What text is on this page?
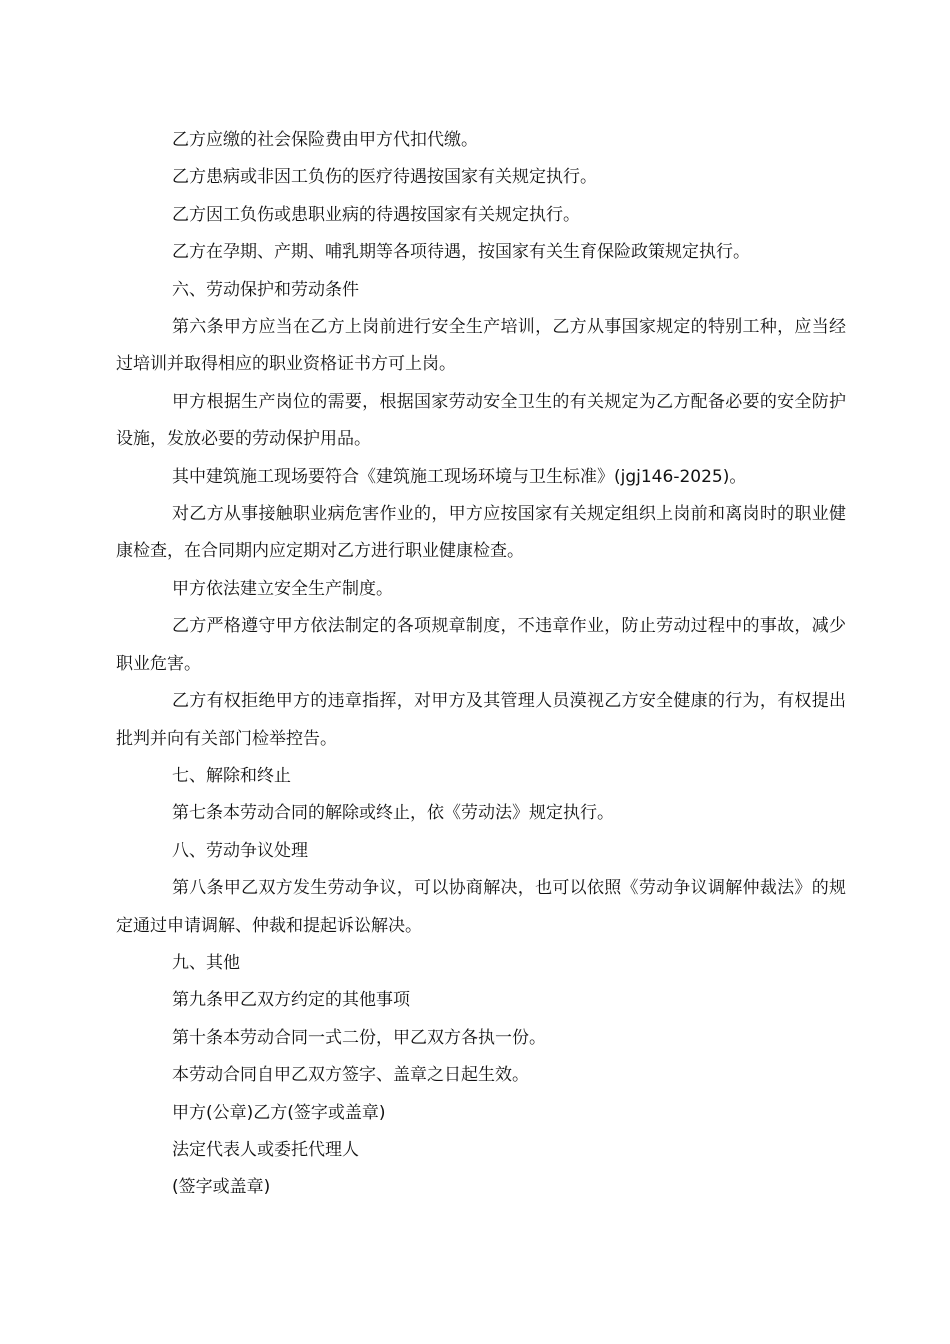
乙方应缴的社会保险费由甲方代扣代缴。

乙方患病或非因工负伤的医疗待遇按国家有关规定执行。

乙方因工负伤或患职业病的待遇按国家有关规定执行。

乙方在孕期、产期、哺乳期等各项待遇，按国家有关生育保险政策规定执行。

六、劳动保护和劳动条件

第六条甲方应当在乙方上岗前进行安全生产培训，乙方从事国家规定的特别工种，应当经过培训并取得相应的职业资格证书方可上岗。

甲方根据生产岗位的需要，根据国家劳动安全卫生的有关规定为乙方配备必要的安全防护设施，发放必要的劳动保护用品。

其中建筑施工现场要符合《建筑施工现场环境与卫生标准》(jgj146-2025)。

对乙方从事接触职业病危害作业的，甲方应按国家有关规定组织上岗前和离岗时的职业健康检查，在合同期内应定期对乙方进行职业健康检查。

甲方依法建立安全生产制度。

乙方严格遵守甲方依法制定的各项规章制度，不违章作业，防止劳动过程中的事故，减少职业危害。

乙方有权拒绝甲方的违章指挥，对甲方及其管理人员漠视乙方安全健康的行为，有权提出批判并向有关部门检举控告。

七、解除和终止

第七条本劳动合同的解除或终止，依《劳动法》规定执行。

八、劳动争议处理

第八条甲乙双方发生劳动争议，可以协商解决，也可以依照《劳动争议调解仲裁法》的规定通过申请调解、仲裁和提起诉讼解决。

九、其他

第九条甲乙双方约定的其他事项

第十条本劳动合同一式二份，甲乙双方各执一份。

本劳动合同自甲乙双方签字、盖章之日起生效。

甲方(公章)乙方(签字或盖章)

法定代表人或委托代理人

(签字或盖章)
